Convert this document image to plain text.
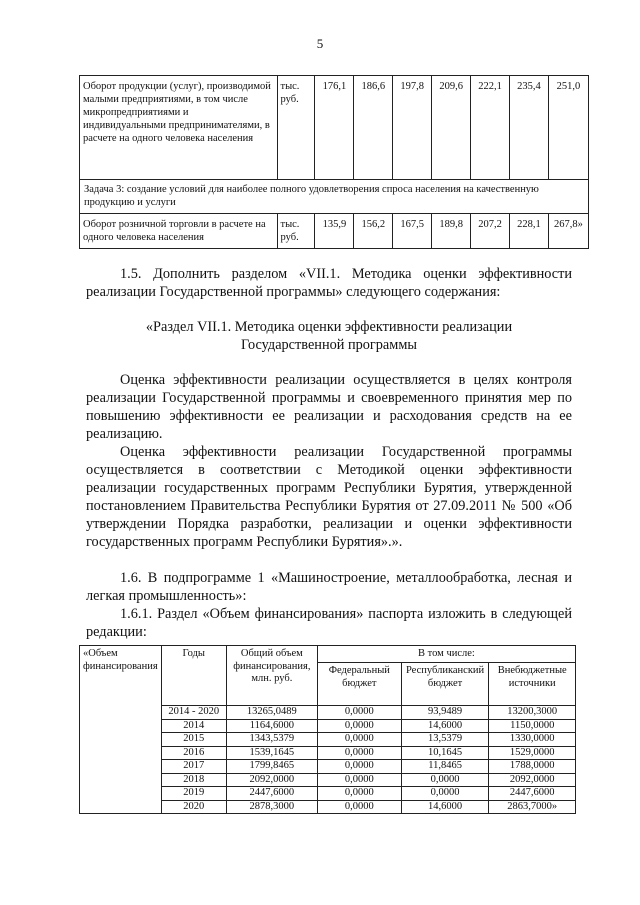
5
Оборот продукции (услуг), производимой малыми предприятиями, в том числе микропредприятиями и индивидуальными предпринимателями, в расчете на одного человека населения	тыс. руб.	176,1	186,6	197,8	209,6	222,1	235,4	251,0
Задача 3: создание условий для наиболее полного удовлетворения спроса населения на качественную продукцию и услуги								
Оборот розничной торговли в расчете на одного человека населения	тыс. руб.	135,9	156,2	167,5	189,8	207,2	228,1	267,8»

1.5. Дополнить разделом «VII.1. Методика оценки эффективности реализации Государственной программы» следующего содержания:

«Раздел VII.1. Методика оценки эффективности реализации
Государственной программы

Оценка эффективности реализации осуществляется в целях контроля реализации Государственной программы и своевременного принятия мер по повышению эффективности ее реализации и расходования средств на ее реализацию.

Оценка эффективности реализации Государственной программы осуществляется в соответствии с Методикой оценки эффективности реализации государственных программ Республики Бурятия, утвержденной постановлением Правительства Республики Бурятия от 27.09.2011 № 500 «Об утверждении Порядка разработки, реализации и оценки эффективности государственных программ Республики Бурятия».».

1.6. В подпрограмме 1 «Машиностроение, металлообработка, лесная и легкая промышленность»:

1.6.1. Раздел «Объем финансирования» паспорта изложить в следующей редакции:

«Объем финансирования	Годы	Общий объем финансирования, млн. руб.	В том числе:		
			Федеральный бюджет	Республиканский бюджет	Внебюджетные источники
	2014 - 2020	13265,0489	0,0000	93,9489	13200,3000
	2014	1164,6000	0,0000	14,6000	1150,0000
	2015	1343,5379	0,0000	13,5379	1330,0000
	2016	1539,1645	0,0000	10,1645	1529,0000
	2017	1799,8465	0,0000	11,8465	1788,0000
	2018	2092,0000	0,0000	0,0000	2092,0000
	2019	2447,6000	0,0000	0,0000	2447,6000
	2020	2878,3000	0,0000	14,6000	2863,7000»
